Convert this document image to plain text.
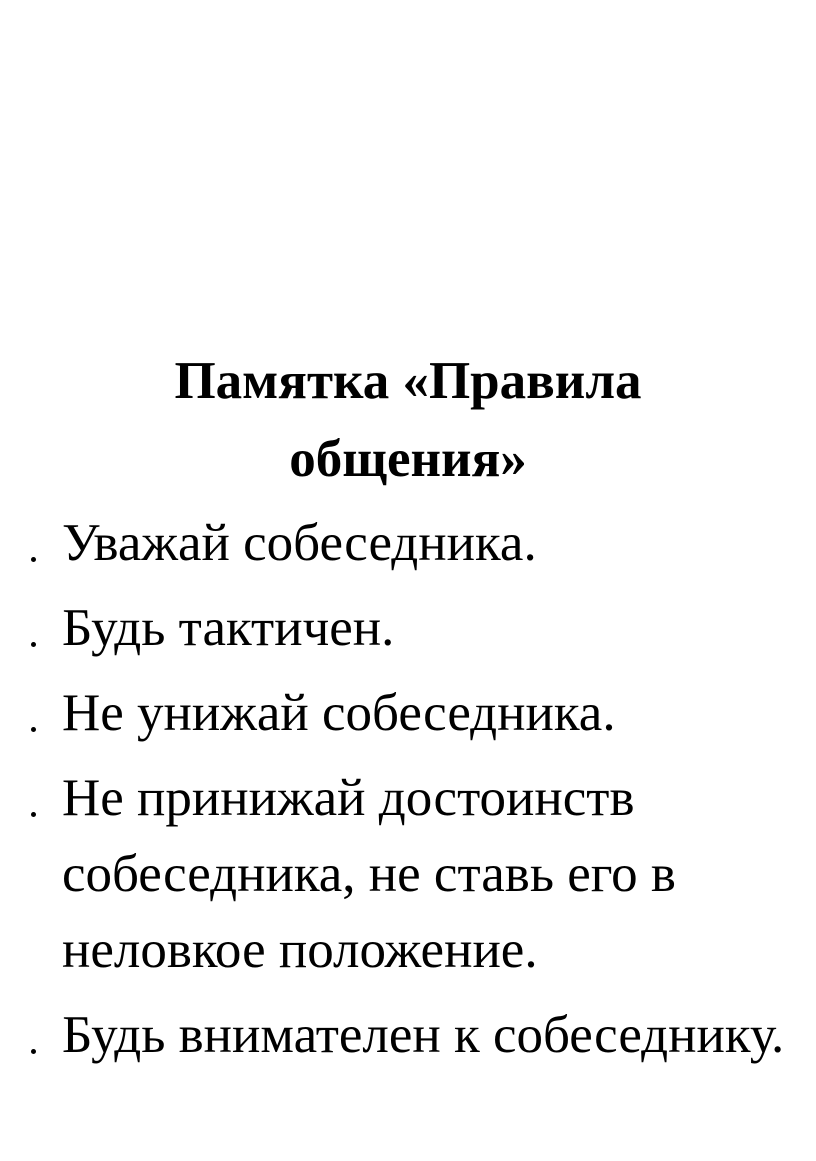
Памятка «Правила
общения»
Уважай собеседника.
Будь тактичен.
Не унижай собеседника.
Не принижай достоинств собеседника, не ставь его в неловкое положение.
Будь внимателен к собеседнику.
